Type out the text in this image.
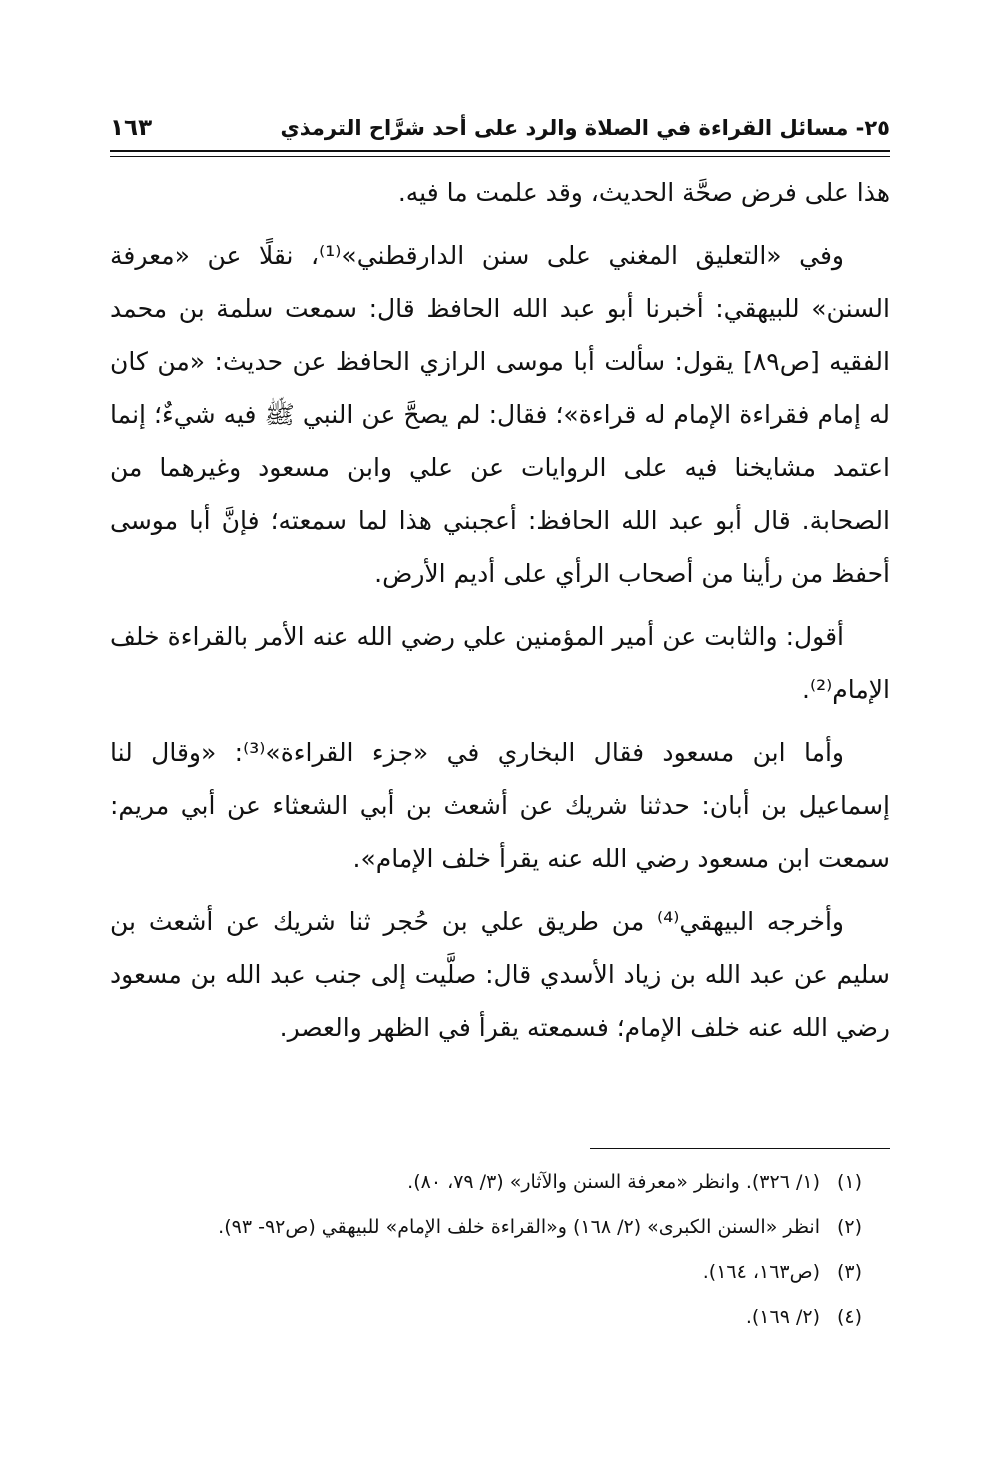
٢٥- مسائل القراءة في الصلاة والرد على أحد شرَّاح الترمذي
١٦٣

هذا على فرض صحَّة الحديث، وقد علمت ما فيه.

وفي «التعليق المغني على سنن الدارقطني»⁽¹⁾، نقلًا عن «معرفة السنن» للبيهقي: أخبرنا أبو عبد الله الحافظ قال: سمعت سلمة بن محمد الفقيه [ص٨٩] يقول: سألت أبا موسى الرازي الحافظ عن حديث: «من كان له إمام فقراءة الإمام له قراءة»؛ فقال: لم يصحَّ عن النبي ﷺ فيه شيءٌ؛ إنما اعتمد مشايخنا فيه على الروايات عن علي وابن مسعود وغيرهما من الصحابة. قال أبو عبد الله الحافظ: أعجبني هذا لما سمعته؛ فإنَّ أبا موسى أحفظ من رأينا من أصحاب الرأي على أديم الأرض.

أقول: والثابت عن أمير المؤمنين علي رضي الله عنه الأمر بالقراءة خلف الإمام⁽²⁾.

وأما ابن مسعود فقال البخاري في «جزء القراءة»⁽³⁾: «وقال لنا إسماعيل بن أبان: حدثنا شريك عن أشعث بن أبي الشعثاء عن أبي مريم: سمعت ابن مسعود رضي الله عنه يقرأ خلف الإمام».

وأخرجه البيهقي⁽⁴⁾ من طريق علي بن حُجر ثنا شريك عن أشعث بن سليم عن عبد الله بن زياد الأسدي قال: صلَّيت إلى جنب عبد الله بن مسعود رضي الله عنه خلف الإمام؛ فسمعته يقرأ في الظهر والعصر.

(١)(١/ ٣٢٦). وانظر «معرفة السنن والآثار» (٣/ ٧٩، ٨٠).
(٢)انظر «السنن الكبرى» (٢/ ١٦٨) و«القراءة خلف الإمام» للبيهقي (ص٩٢- ٩٣).
(٣)(ص١٦٣، ١٦٤).
(٤)(٢/ ١٦٩).
